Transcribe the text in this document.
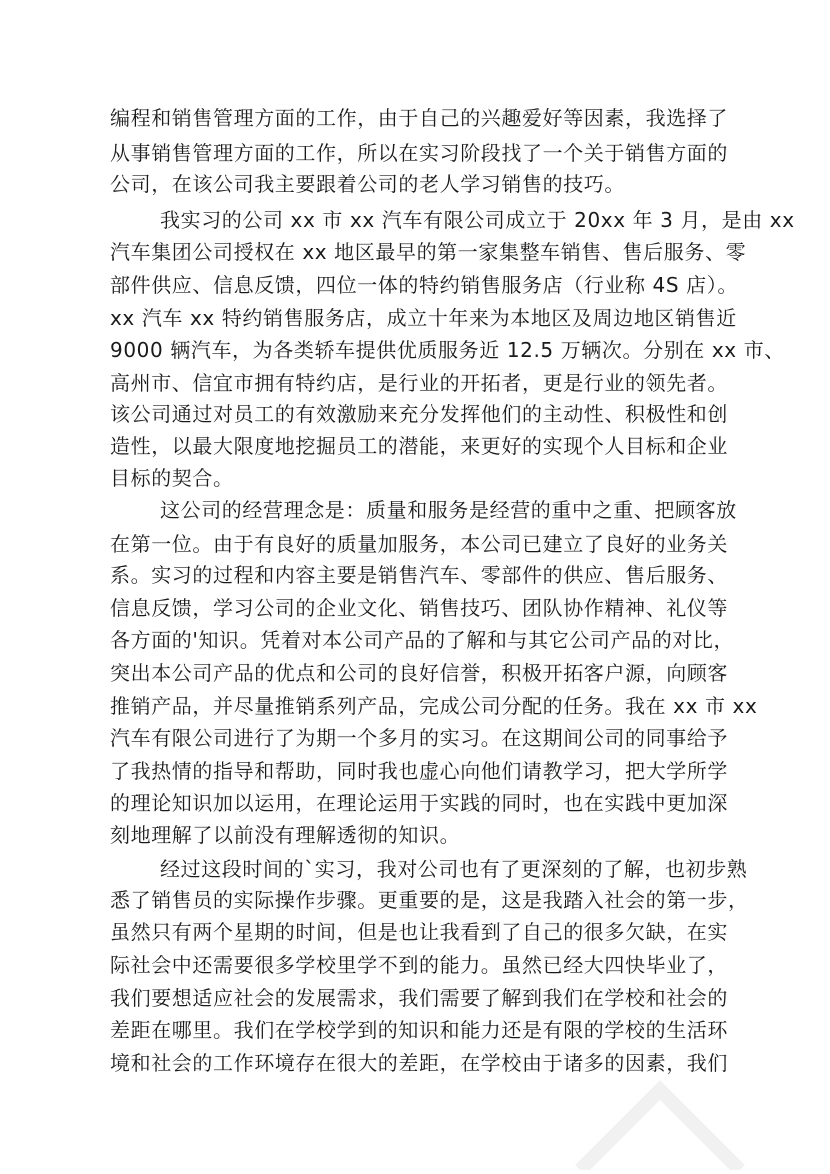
编程和销售管理方面的工作，由于自己的兴趣爱好等因素，我选择了
从事销售管理方面的工作，所以在实习阶段找了一个关于销售方面的
公司，在该公司我主要跟着公司的老人学习销售的技巧。
我实习的公司 xx 市 xx 汽车有限公司成立于 20xx 年 3 月，是由 xx
汽车集团公司授权在 xx 地区最早的第一家集整车销售、售后服务、零
部件供应、信息反馈，四位一体的特约销售服务店（行业称 4S 店）。
xx 汽车 xx 特约销售服务店，成立十年来为本地区及周边地区销售近
9000 辆汽车，为各类轿车提供优质服务近 12.5 万辆次。分别在 xx 市、
高州市、信宜市拥有特约店，是行业的开拓者，更是行业的领先者。
该公司通过对员工的有效激励来充分发挥他们的主动性、积极性和创
造性，以最大限度地挖掘员工的潜能，来更好的实现个人目标和企业
目标的契合。
这公司的经营理念是：质量和服务是经营的重中之重、把顾客放
在第一位。由于有良好的质量加服务，本公司已建立了良好的业务关
系。实习的过程和内容主要是销售汽车、零部件的供应、售后服务、
信息反馈，学习公司的企业文化、销售技巧、团队协作精神、礼仪等
各方面的'知识。凭着对本公司产品的了解和与其它公司产品的对比，
突出本公司产品的优点和公司的良好信誉，积极开拓客户源，向顾客
推销产品，并尽量推销系列产品，完成公司分配的任务。我在 xx 市 xx
汽车有限公司进行了为期一个多月的实习。在这期间公司的同事给予
了我热情的指导和帮助，同时我也虚心向他们请教学习，把大学所学
的理论知识加以运用，在理论运用于实践的同时，也在实践中更加深
刻地理解了以前没有理解透彻的知识。
经过这段时间的`实习，我对公司也有了更深刻的了解，也初步熟
悉了销售员的实际操作步骤。更重要的是，这是我踏入社会的第一步，
虽然只有两个星期的时间，但是也让我看到了自己的很多欠缺，在实
际社会中还需要很多学校里学不到的能力。虽然已经大四快毕业了，
我们要想适应社会的发展需求，我们需要了解到我们在学校和社会的
差距在哪里。我们在学校学到的知识和能力还是有限的学校的生活环
境和社会的工作环境存在很大的差距，在学校由于诸多的因素，我们
